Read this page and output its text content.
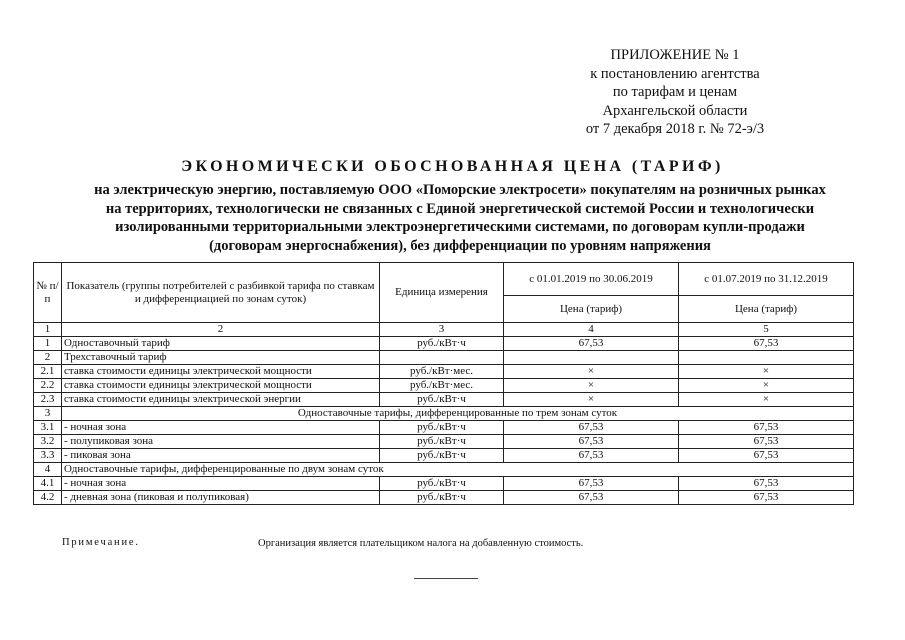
ПРИЛОЖЕНИЕ № 1
к постановлению агентства
по тарифам и ценам
Архангельской области
от 7 декабря 2018 г. № 72-э/3
ЭКОНОМИЧЕСКИ ОБОСНОВАННАЯ ЦЕНА (ТАРИФ)
на электрическую энергию, поставляемую ООО «Поморские электросети» покупателям на розничных рынках
на территориях, технологически не связанных с Единой энергетической системой России и технологически
изолированными территориальными электроэнергетическими системами, по договорам купли-продажи
(договорам энергоснабжения), без дифференциации по уровням напряжения
№ п/п	Показатель (группы потребителей с разбивкой тарифа по ставкам и дифференциацией по зонам суток)	Единица измерения	с 01.01.2019 по 30.06.2019	с 01.07.2019 по 31.12.2019
			Цена (тариф)	Цена (тариф)
1	2	3	4	5
1	Одноставочный тариф	руб./кВт·ч	67,53	67,53
2	Трехставочный тариф			
2.1	ставка стоимости единицы электрической мощности	руб./кВт·мес.	×	×
2.2	ставка стоимости единицы электрической мощности	руб./кВт·мес.	×	×
2.3	ставка стоимости единицы электрической энергии	руб./кВт·ч	×	×
3	Одноставочные тарифы, дифференцированные по трем зонам суток			
3.1	- ночная зона	руб./кВт·ч	67,53	67,53
3.2	- полупиковая зона	руб./кВт·ч	67,53	67,53
3.3	- пиковая зона	руб./кВт·ч	67,53	67,53
4	Одноставочные тарифы, дифференцированные по двум зонам суток			
4.1	- ночная зона	руб./кВт·ч	67,53	67,53
4.2	- дневная зона (пиковая и полупиковая)	руб./кВт·ч	67,53	67,53
Примечание.	Организация является плательщиком налога на добавленную стоимость.
